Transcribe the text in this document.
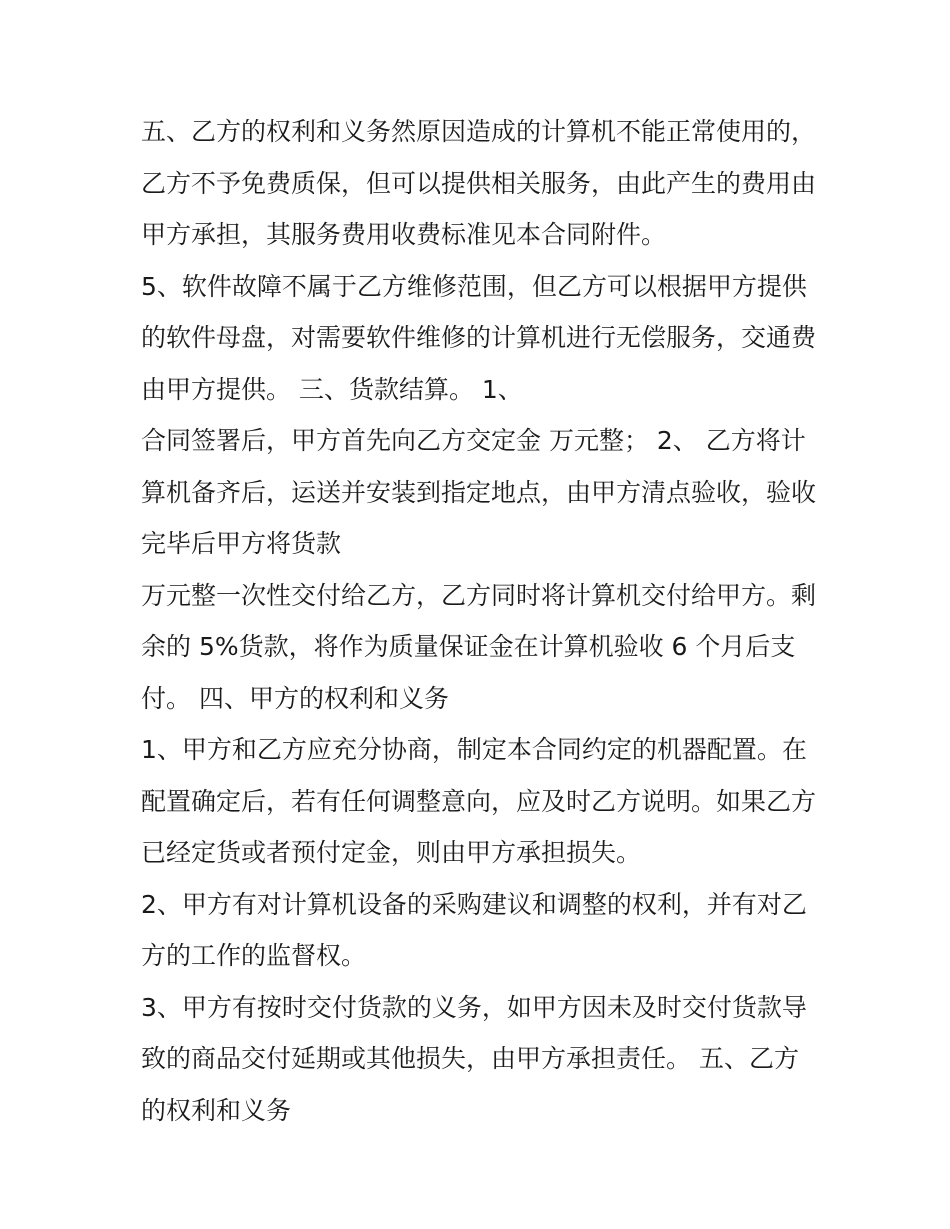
五、乙方的权利和义务然原因造成的计算机不能正常使用的，
乙方不予免费质保，但可以提供相关服务，由此产生的费用由
甲方承担，其服务费用收费标准见本合同附件。
5、软件故障不属于乙方维修范围，但乙方可以根据甲方提供
的软件母盘，对需要软件维修的计算机进行无偿服务，交通费
由甲方提供。 三、货款结算。 1、
合同签署后，甲方首先向乙方交定金 万元整； 2、 乙方将计
算机备齐后，运送并安装到指定地点，由甲方清点验收，验收
完毕后甲方将货款
万元整一次性交付给乙方，乙方同时将计算机交付给甲方。剩
余的 5%货款，将作为质量保证金在计算机验收 6 个月后支
付。 四、甲方的权利和义务
1、甲方和乙方应充分协商，制定本合同约定的机器配置。在
配置确定后，若有任何调整意向，应及时乙方说明。如果乙方
已经定货或者预付定金，则由甲方承担损失。
2、甲方有对计算机设备的采购建议和调整的权利，并有对乙
方的工作的监督权。
3、甲方有按时交付货款的义务，如甲方因未及时交付货款导
致的商品交付延期或其他损失，由甲方承担责任。 五、乙方
的权利和义务
